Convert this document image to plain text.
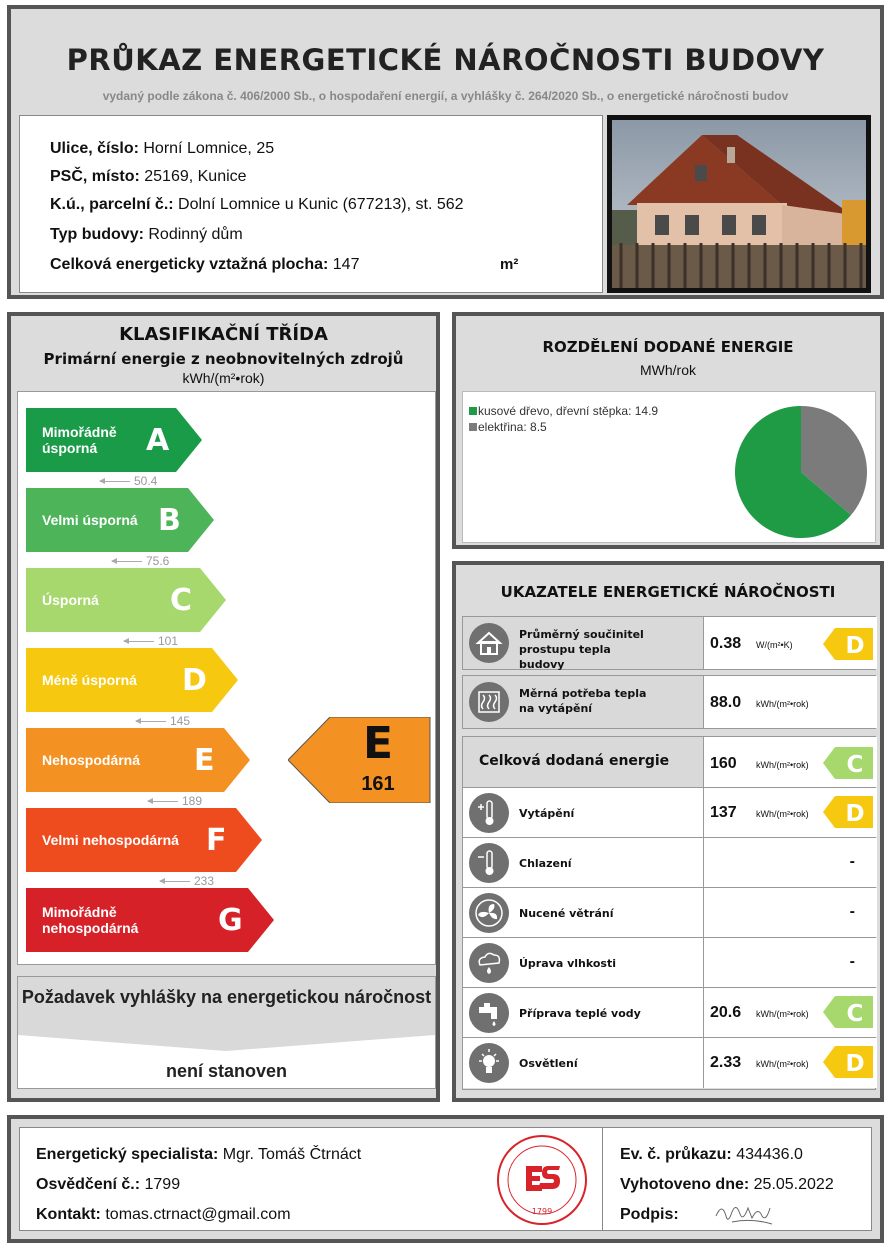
PRŮKAZ ENERGETICKÉ NÁROČNOSTI BUDOVY
vydaný podle zákona č. 406/2000 Sb., o hospodaření energií, a vyhlášky č. 264/2020 Sb., o energetické náročnosti budov
Ulice, číslo: Horní Lomnice, 25
PSČ, místo: 25169, Kunice
K.ú., parcelní č.: Dolní Lomnice u Kunic (677213), st. 562
Typ budovy: Rodinný dům
Celková energeticky vztažná plocha: 147	m²
KLASIFIKAČNÍ TŘÍDA
Primární energie z neobnovitelných zdrojů
kWh/(m²•rok)
Mimořádně úsporná	A
50.4
Velmi úsporná B
75.6
Úsporná	C
101
Méně úsporná	D
145
Nehospodárná	E
189
Velmi nehospodárná F
233
Mimořádně nehospodárná	G
E
161
Požadavek vyhlášky na energetickou náročnost
není stanoven
ROZDĚLENÍ DODANÉ ENERGIE
MWh/rok
kusové dřevo, dřevní stěpka: 14.9
elektřina: 8.5
UKAZATELE ENERGETICKÉ NÁROČNOSTI
Průměrný součinitel prostupu tepla budovy
0.38 W/(m²•K) D
Měrná potřeba tepla na vytápění	88.0 kWh/(m²•rok)
Celková dodaná energie	160 kWh/(m²•rok) C
Vytápění	137 kWh/(m²•rok) D
Chlazení	-
Nucené větrání	-
Úprava vlhkosti	-
Příprava teplé vody	20.6 kWh/(m²•rok) C
Osvětlení	2.33 kWh/(m²•rok) D
Energetický specialista: Mgr. Tomáš Čtrnáct
Osvědčení č.: 1799
Kontakt: tomas.ctrnact@gmail.com	1799
Ev. č. průkazu: 434436.0
Vyhotoveno dne: 25.05.2022
Podpis:
